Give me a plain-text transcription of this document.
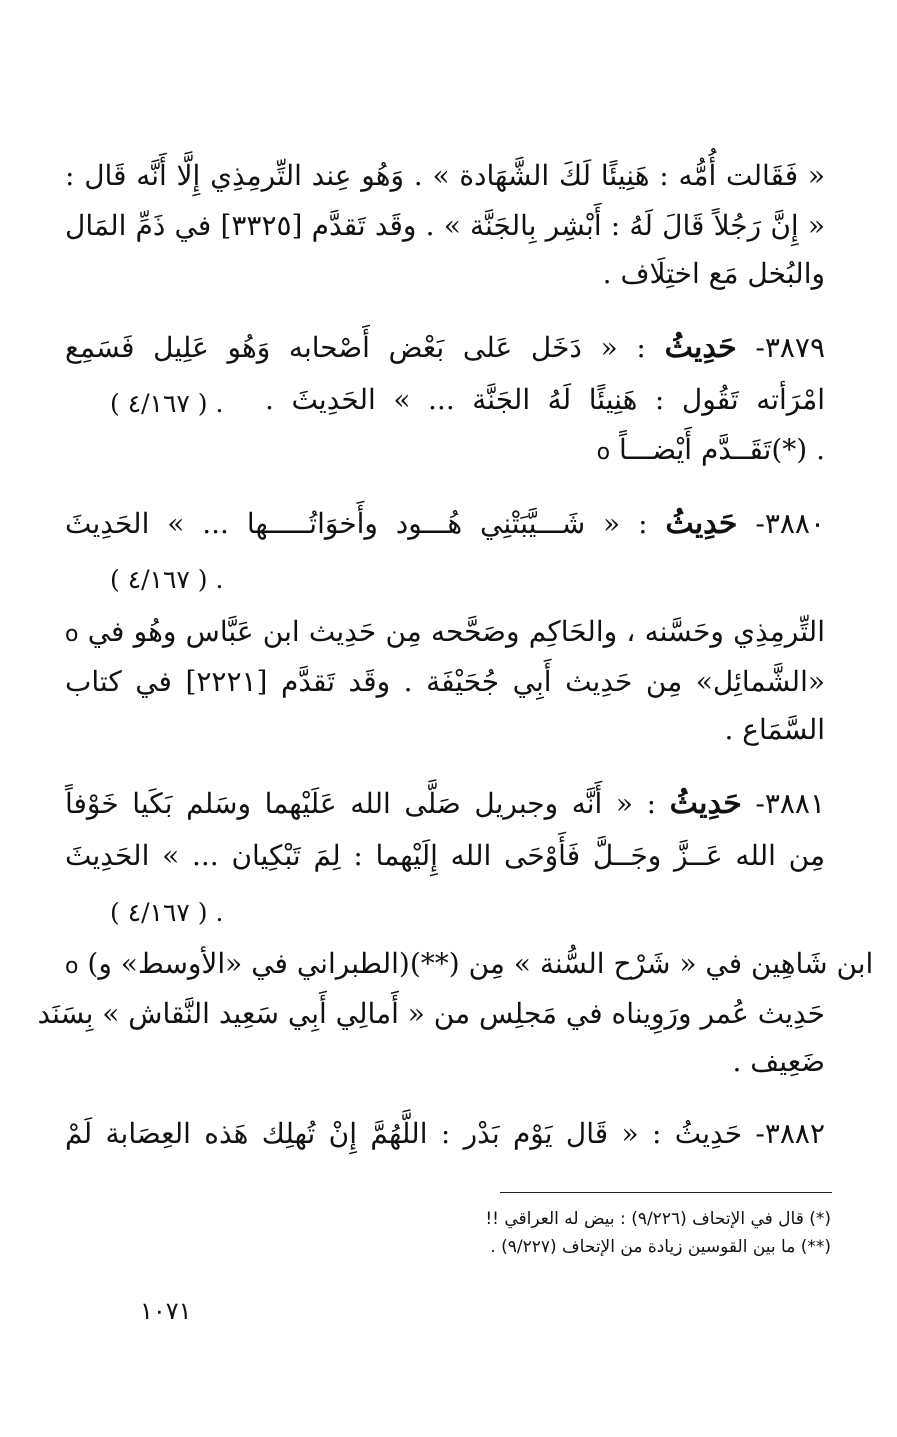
« فَقَالت أُمُّه : هَنِيئًا لَكَ الشَّهَادة » . وَهُو عِند التِّرمِذِي إِلَّا أَنَّه قَال :
« إِنَّ رَجُلاً قَالَ لَهُ : أَبْشِر بِالجَنَّة » . وقَد تَقدَّم [٣٣٢٥] في ذَمِّ المَال
والبُخل مَع اختِلَاف .
٣٨٧٩- حَدِيثُ : « دَخَل عَلى بَعْض أَصْحابه وَهُو عَلِيل فَسَمِع
امْرَأته تَقُول : هَنِيئًا لَهُ الجَنَّة ... » الحَدِيثَ .
( ٤/١٦٧ ) .
o تَقَــدَّم أَيْضـــاً(*) .
٣٨٨٠- حَدِيثُ : « شَـــيَّبَتْنِي هُـــود وأَخوَاتُـــــها ... » الحَدِيثَ
( ٤/١٦٧ ) .
o التِّرمِذِي وحَسَّنه ، والحَاكِم وصَحَّحه مِن حَدِيث ابن عَبَّاس وهُو في
«الشَّمائِل» مِن حَدِيث أَبِي جُحَيْفَة . وقَد تَقدَّم [٢٢٢١] في كتاب
السَّمَاع .
٣٨٨١- حَدِيثُ : « أَنَّه وجبريل صَلَّى الله عَلَيْهما وسَلم بَكَيا خَوْفاً
مِن الله عَــزَّ وجَــلَّ فَأَوْحَى الله إِلَيْهما : لِمَ تَبْكِيان ... » الحَدِيثَ
( ٤/١٦٧ ) .
o (الطبراني في «الأوسط» و)(**) ابن شَاهِين في « شَرْح السُّنة » مِن
حَدِيث عُمر ورَوِيناه في مَجلِس من « أَمالِي أَبِي سَعِيد النَّقاش » بِسَنَد
ضَعِيف .
٣٨٨٢- حَدِيثُ : « قَال يَوْم بَدْر : اللَّهُمَّ إِنْ تُهلِك هَذه العِصَابة لَمْ
(*) قال في الإتحاف (٩/٢٢٦) : بيض له العراقي !!
(**) ما بين القوسين زيادة من الإتحاف (٩/٢٢٧) .
١٠٧١
